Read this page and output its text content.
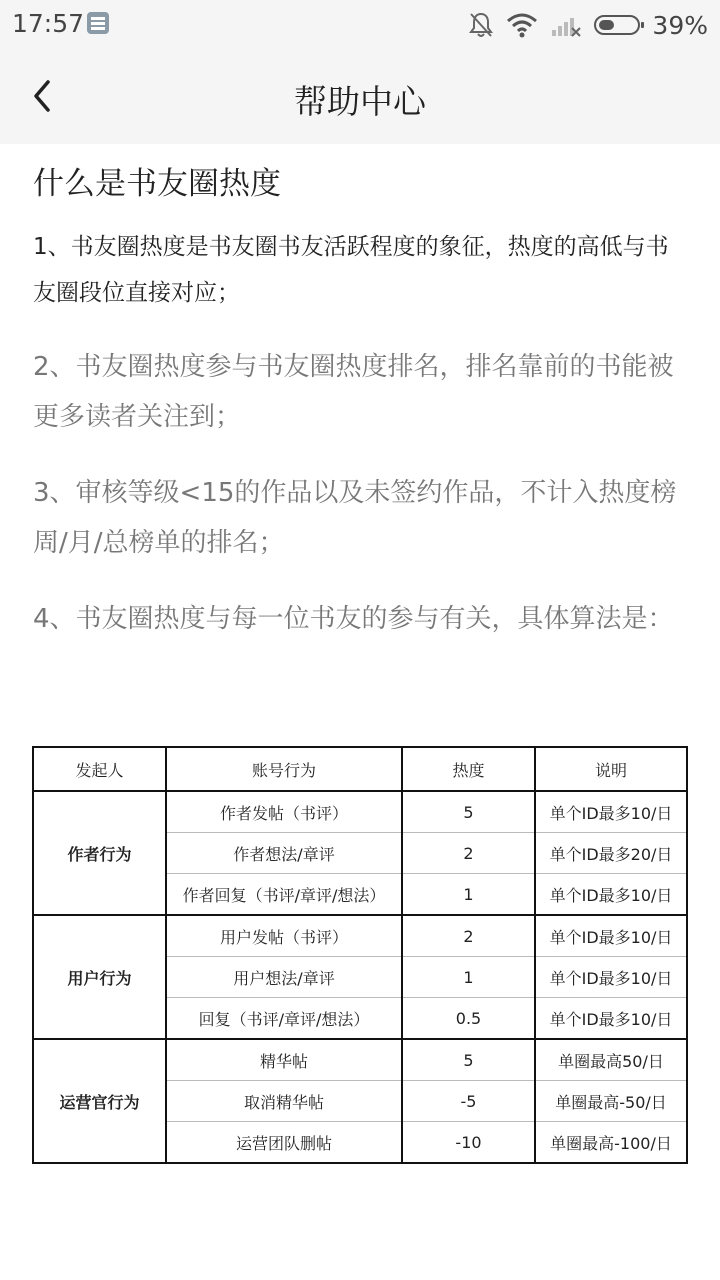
17:57	39%
帮助中心
什么是书友圈热度
1、书友圈热度是书友圈书友活跃程度的象征，热度的高低与书友圈段位直接对应；
2、书友圈热度参与书友圈热度排名，排名靠前的书能被更多读者关注到；
3、审核等级<15的作品以及未签约作品，不计入热度榜周/月/总榜单的排名；
4、书友圈热度与每一位书友的参与有关，具体算法是：
发起人	账号行为	热度	说明
作者行为	作者发帖（书评）	5	单个ID最多10/日
	作者想法/章评	2	单个ID最多20/日
	作者回复（书评/章评/想法）	1	单个ID最多10/日
用户行为	用户发帖（书评）	2	单个ID最多10/日
	用户想法/章评	1	单个ID最多10/日
	回复（书评/章评/想法）	0.5	单个ID最多10/日
运营官行为	精华帖	5	单圈最高50/日
	取消精华帖	-5	单圈最高-50/日
	运营团队删帖	-10	单圈最高-100/日
